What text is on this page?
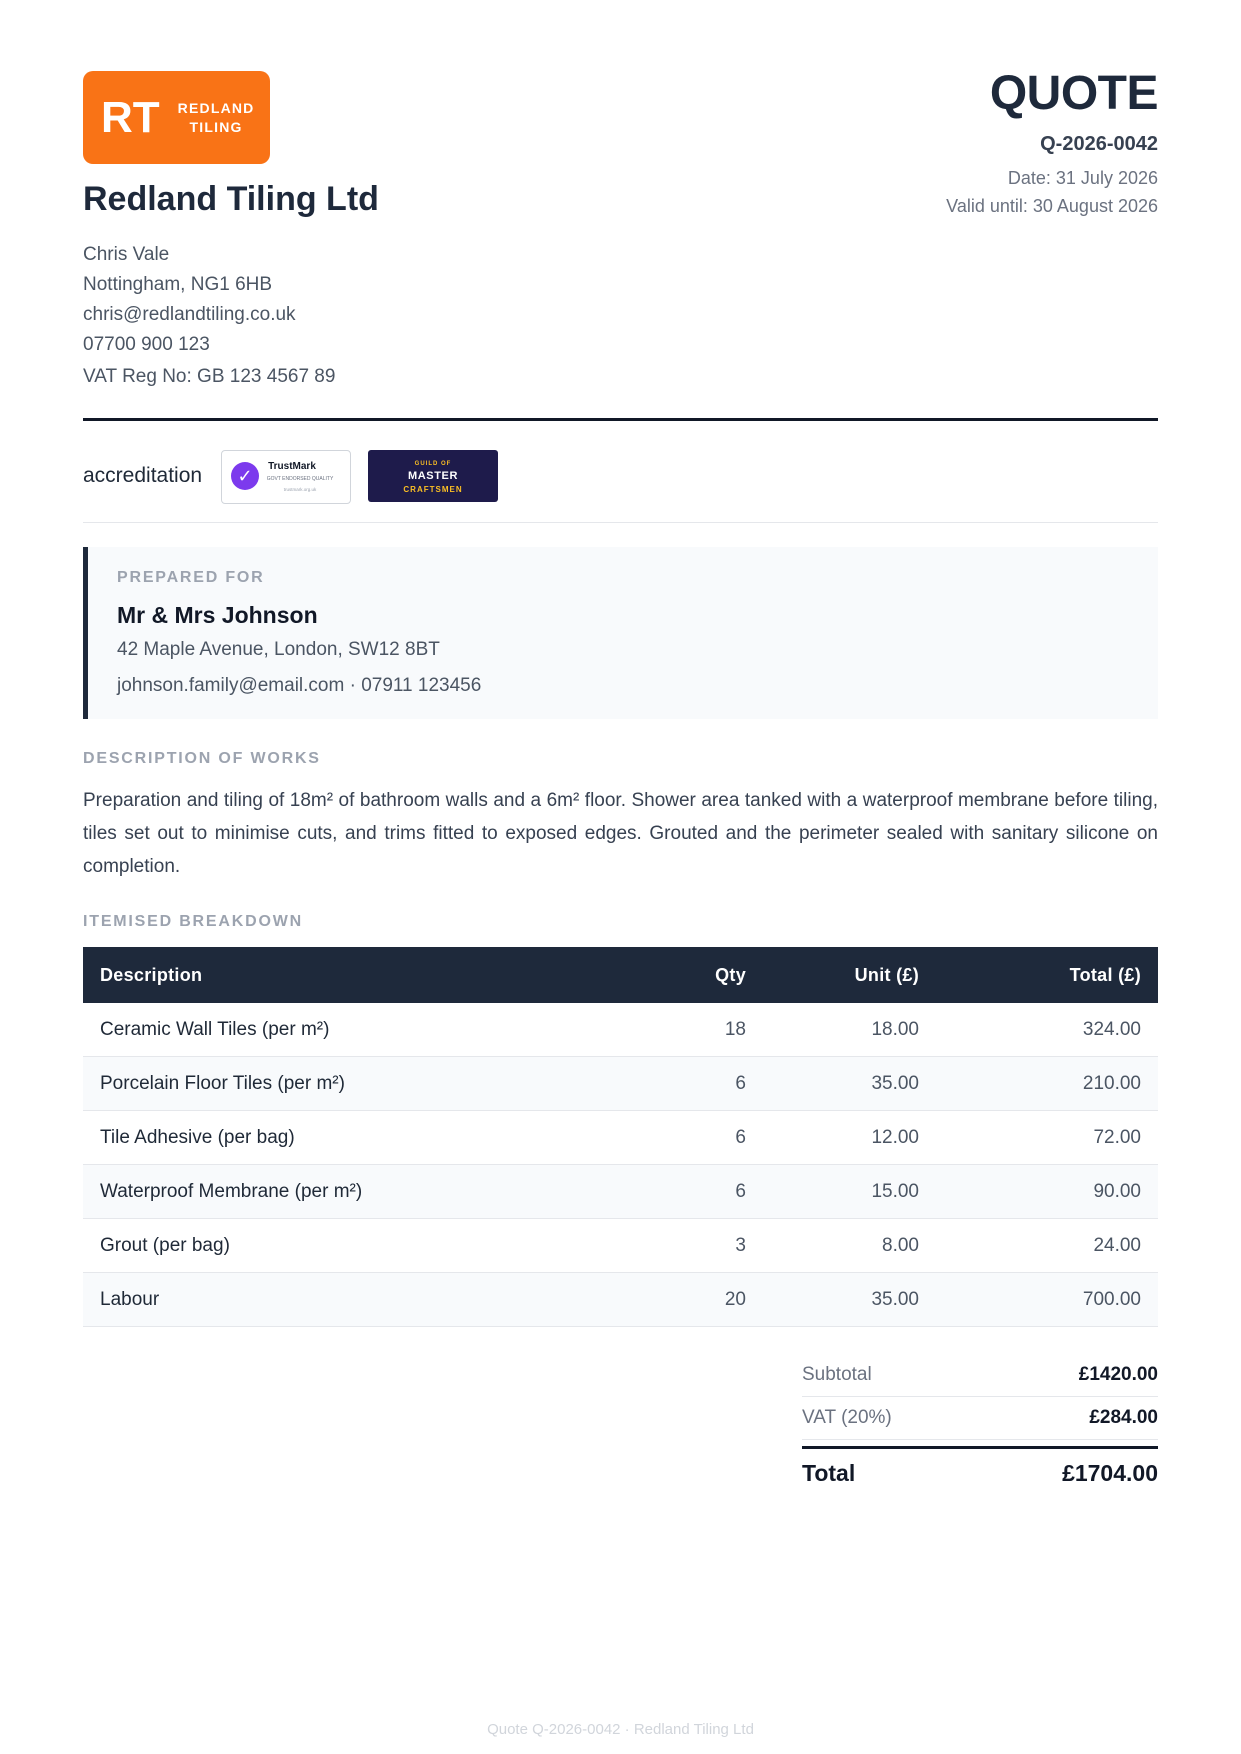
RT REDLAND
TILING
Redland Tiling Ltd
Chris Vale
Nottingham, NG1 6HB
chris@redlandtiling.co.uk
07700 900 123
VAT Reg No: GB 123 4567 89
QUOTE
Q-2026-0042
Date: 31 July 2026
Valid until: 30 August 2026
accreditation	✓	TrustMark
GOVT ENDORSED QUALITY
trustmark.org.uk
GUILD OF
MASTER
CRAFTSMEN
PREPARED FOR
Mr & Mrs Johnson
42 Maple Avenue, London, SW12 8BT
johnson.family@email.com · 07911 123456
DESCRIPTION OF WORKS
Preparation and tiling of 18m² of bathroom walls and a 6m² floor. Shower area tanked with a waterproof membrane before tiling, tiles set out to minimise cuts, and trims fitted to exposed edges. Grouted and the perimeter sealed with sanitary silicone on completion.
ITEMISED BREAKDOWN
Description	Qty	Unit (£)	Total (£)
Ceramic Wall Tiles (per m²)	18	18.00	324.00
Porcelain Floor Tiles (per m²)	6	35.00	210.00
Tile Adhesive (per bag)	6	12.00	72.00
Waterproof Membrane (per m²)	6	15.00	90.00
Grout (per bag)	3	8.00	24.00
Labour	20	35.00	700.00
Subtotal	£1420.00
VAT (20%)	£284.00
Total	£1704.00
Quote Q-2026-0042 · Redland Tiling Ltd
